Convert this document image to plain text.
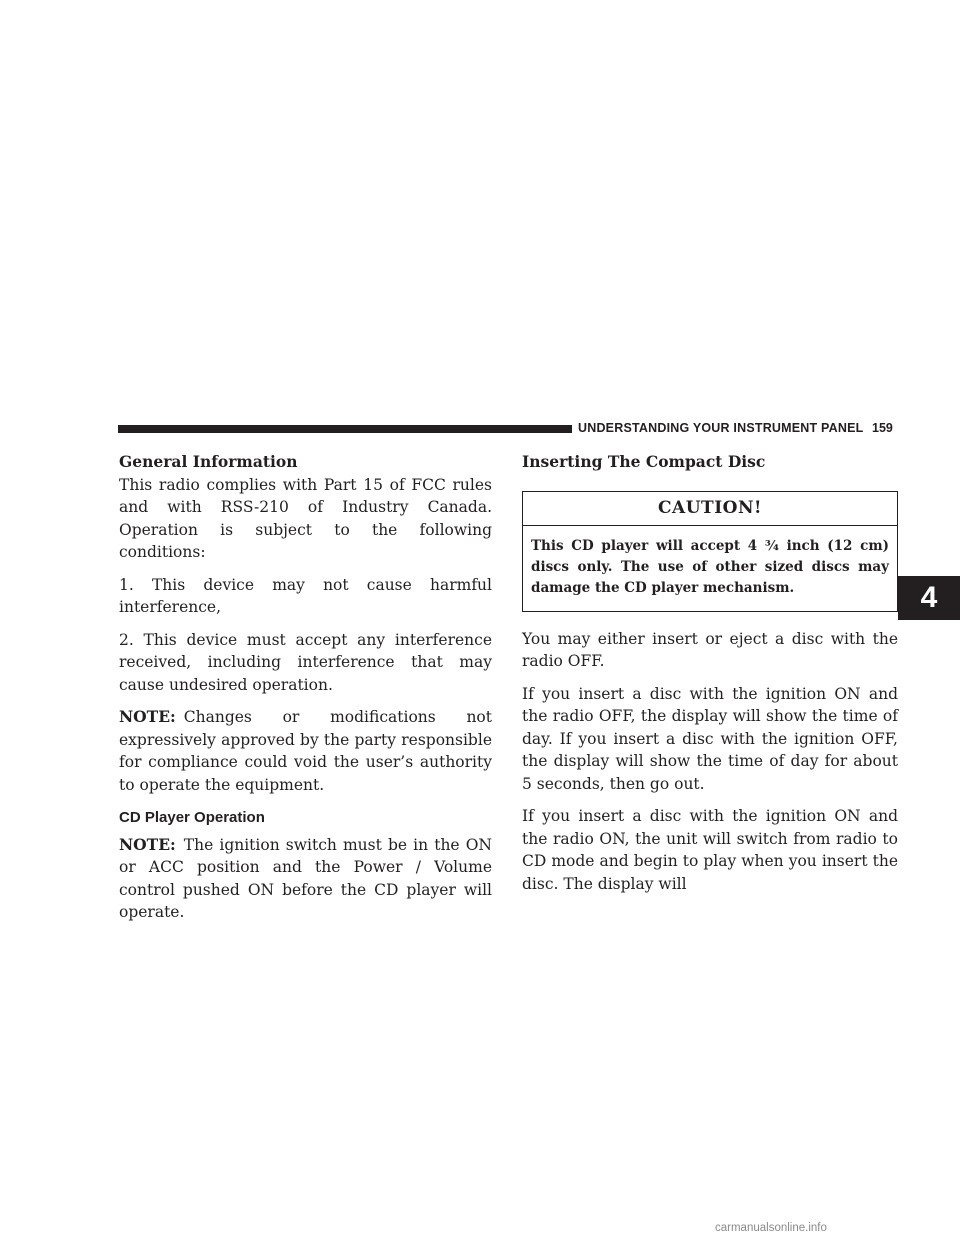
UNDERSTANDING YOUR INSTRUMENT PANEL 159
4
General Information

This radio complies with Part 15 of FCC rules and with RSS-210 of Industry Canada. Operation is subject to the following conditions:

1. This device may not cause harmful interference,

2. This device must accept any interference received, including interference that may cause undesired operation.

NOTE: Changes or modifications not expressively approved by the party responsible for compliance could void the user’s authority to operate the equipment.

CD Player Operation

NOTE: The ignition switch must be in the ON or ACC position and the Power / Volume control pushed ON before the CD player will operate.

Inserting The Compact Disc
CAUTION!
This CD player will accept 4 ¾ inch (12 cm) discs only. The use of other sized discs may damage the CD player mechanism.

You may either insert or eject a disc with the radio OFF.

If you insert a disc with the ignition ON and the radio OFF, the display will show the time of day. If you insert a disc with the ignition OFF, the display will show the time of day for about 5 seconds, then go out.

If you insert a disc with the ignition ON and the radio ON, the unit will switch from radio to CD mode and begin to play when you insert the disc. The display will

carmanualsonline.info
